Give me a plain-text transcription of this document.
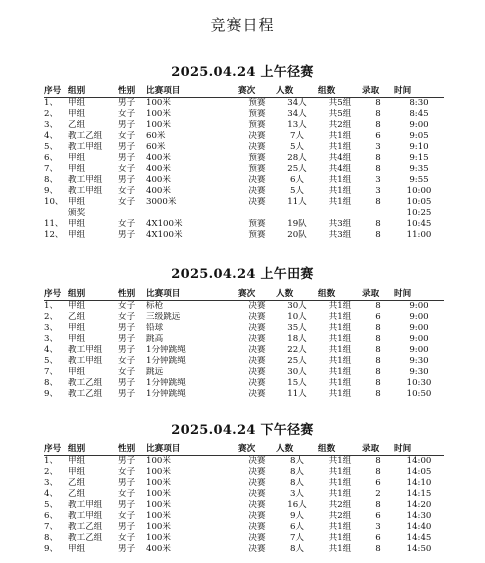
竞赛日程
2025.04.24 上午径赛
序号	组别	性别	比赛项目	赛次	人数	组数	录取	时间
1、	甲组	男子	100米	预赛	34人	共5组	8	8:30
2、	甲组	女子	100米	预赛	34人	共5组	8	8:45
3、	乙组	男子	100米	预赛	13人	共2组	8	9:00
4、	教工乙组	女子	60米	决赛	7人	共1组	6	9:05
5、	教工甲组	男子	60米	决赛	5人	共1组	3	9:10
6、	甲组	男子	400米	预赛	28人	共4组	8	9:15
7、	甲组	女子	400米	预赛	25人	共4组	8	9:35
8、	教工甲组	男子	400米	决赛	6人	共1组	3	9:55
9、	教工甲组	女子	400米	决赛	5人	共1组	3	10:00
10、	甲组	女子	3000米	决赛	11人	共1组	8	10:05
	颁奖							10:25
11、	甲组	女子	4X100米	预赛	19队	共3组	8	10:45
12、	甲组	男子	4X100米	预赛	20队	共3组	8	11:00
2025.04.24 上午田赛
序号	组别	性别	比赛项目	赛次	人数	组数	录取	时间
1、	甲组	女子	标枪	决赛	30人	共1组	8	9:00
2、	乙组	女子	三级跳远	决赛	10人	共1组	6	9:00
3、	甲组	男子	铅球	决赛	35人	共1组	8	9:00
3、	甲组	男子	跳高	决赛	18人	共1组	8	9:00
4、	教工甲组	男子	1分钟跳绳	决赛	22人	共1组	8	9:00
5、	教工甲组	女子	1分钟跳绳	决赛	25人	共1组	8	9:30
7、	甲组	女子	跳远	决赛	30人	共1组	8	9:30
8、	教工乙组	男子	1分钟跳绳	决赛	15人	共1组	8	10:30
9、	教工乙组	男子	1分钟跳绳	决赛	11人	共1组	8	10:50
2025.04.24 下午径赛
序号	组别	性别	比赛项目	赛次	人数	组数	录取	时间
1、	甲组	男子	100米	决赛	8人	共1组	8	14:00
2、	甲组	女子	100米	决赛	8人	共1组	8	14:05
3、	乙组	男子	100米	决赛	8人	共1组	6	14:10
4、	乙组	女子	100米	决赛	3人	共1组	2	14:15
5、	教工甲组	男子	100米	决赛	16人	共2组	8	14:20
6、	教工甲组	女子	100米	决赛	9人	共2组	6	14:30
7、	教工乙组	男子	100米	决赛	6人	共1组	3	14:40
8、	教工乙组	女子	100米	决赛	7人	共1组	6	14:45
9、	甲组	男子	400米	决赛	8人	共1组	8	14:50
